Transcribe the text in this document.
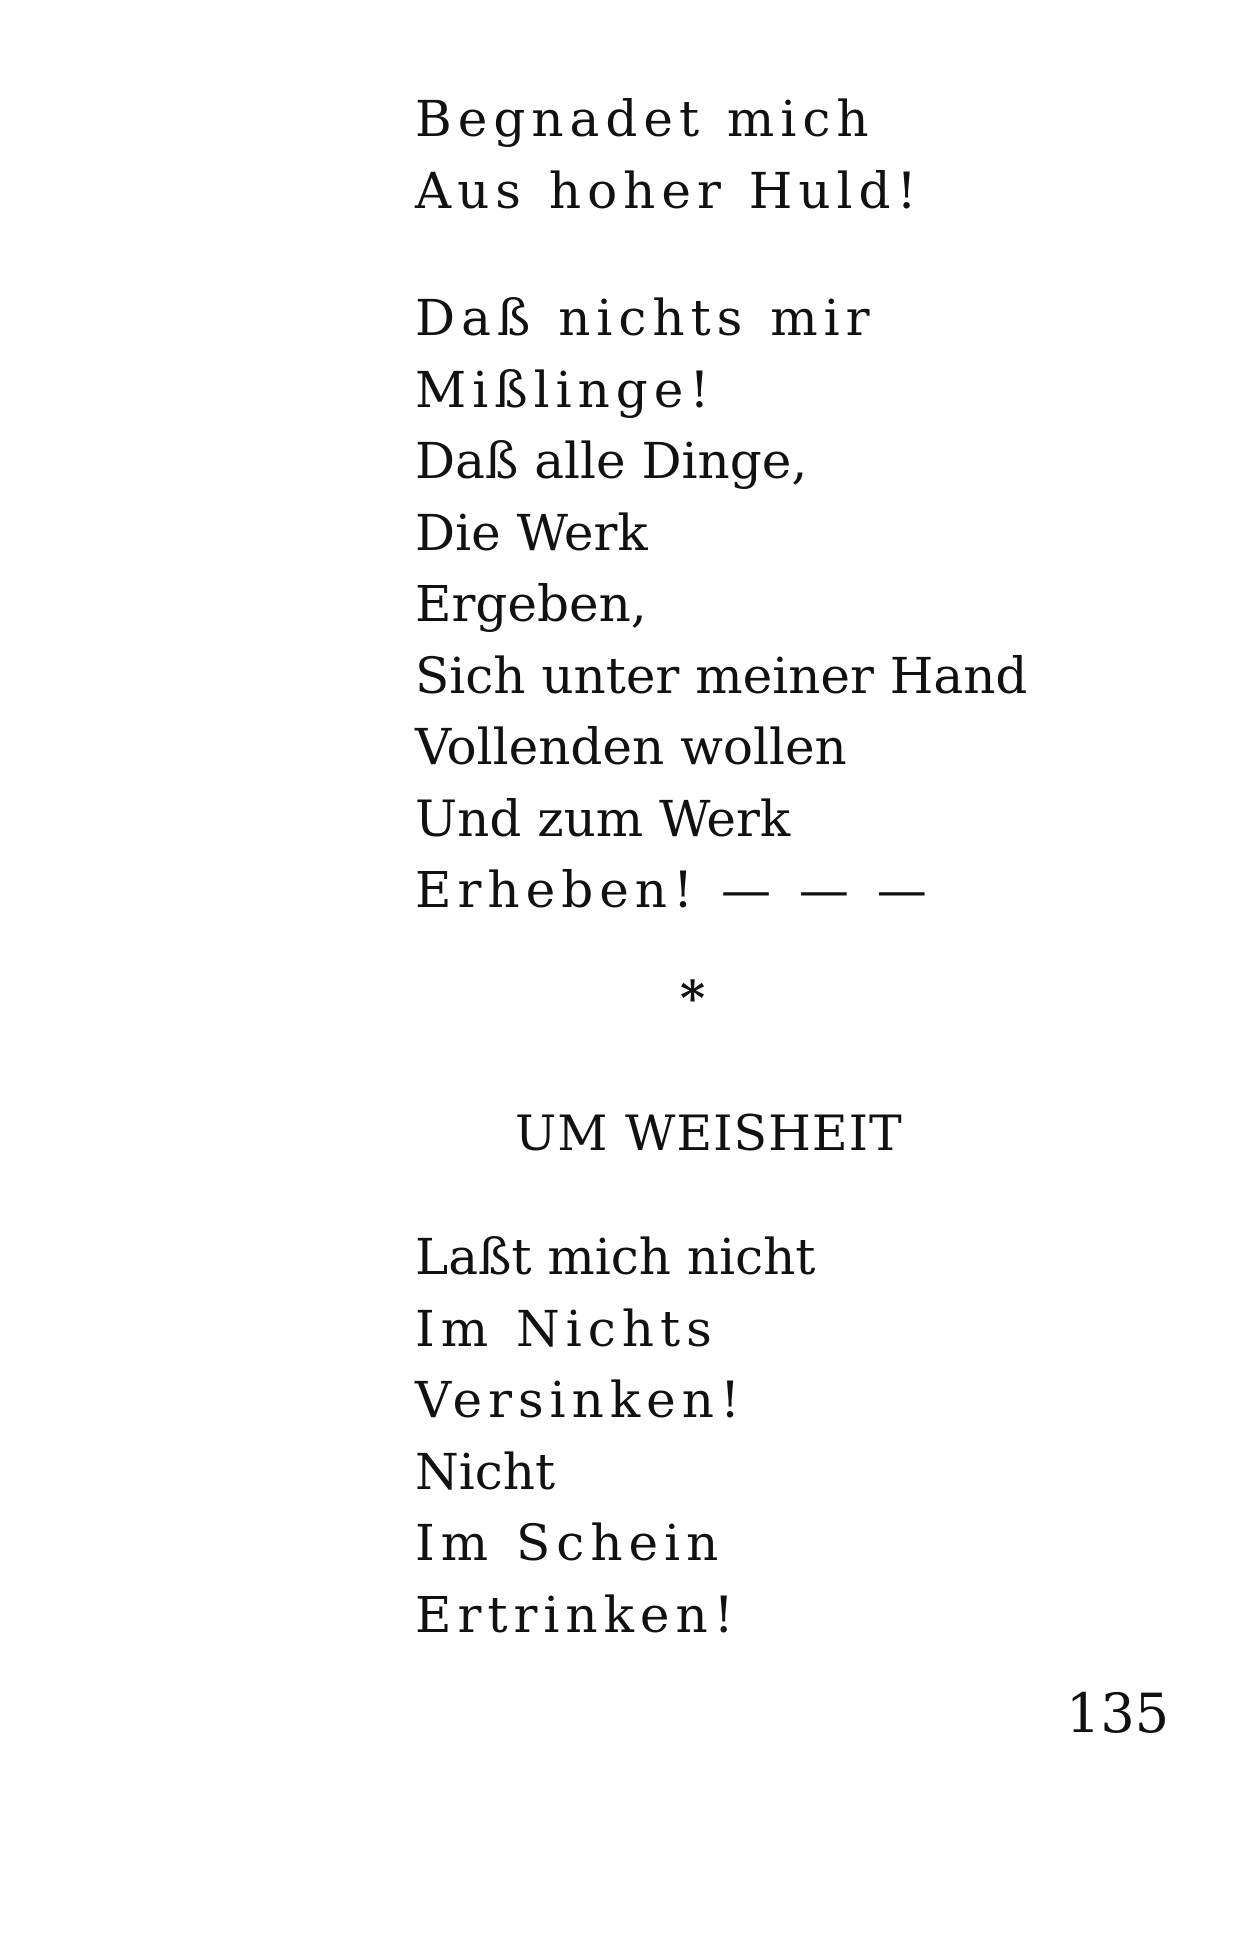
Begnadet mich
Aus hoher Huld!
Daß nichts mir
Mißlinge!
Daß alle Dinge,
Die Werk
Ergeben,
Sich unter meiner Hand
Vollenden wollen
Und zum Werk
Erheben! — — —
*
UM WEISHEIT
Laßt mich nicht
Im Nichts
Versinken!
Nicht
Im Schein
Ertrinken!

135
